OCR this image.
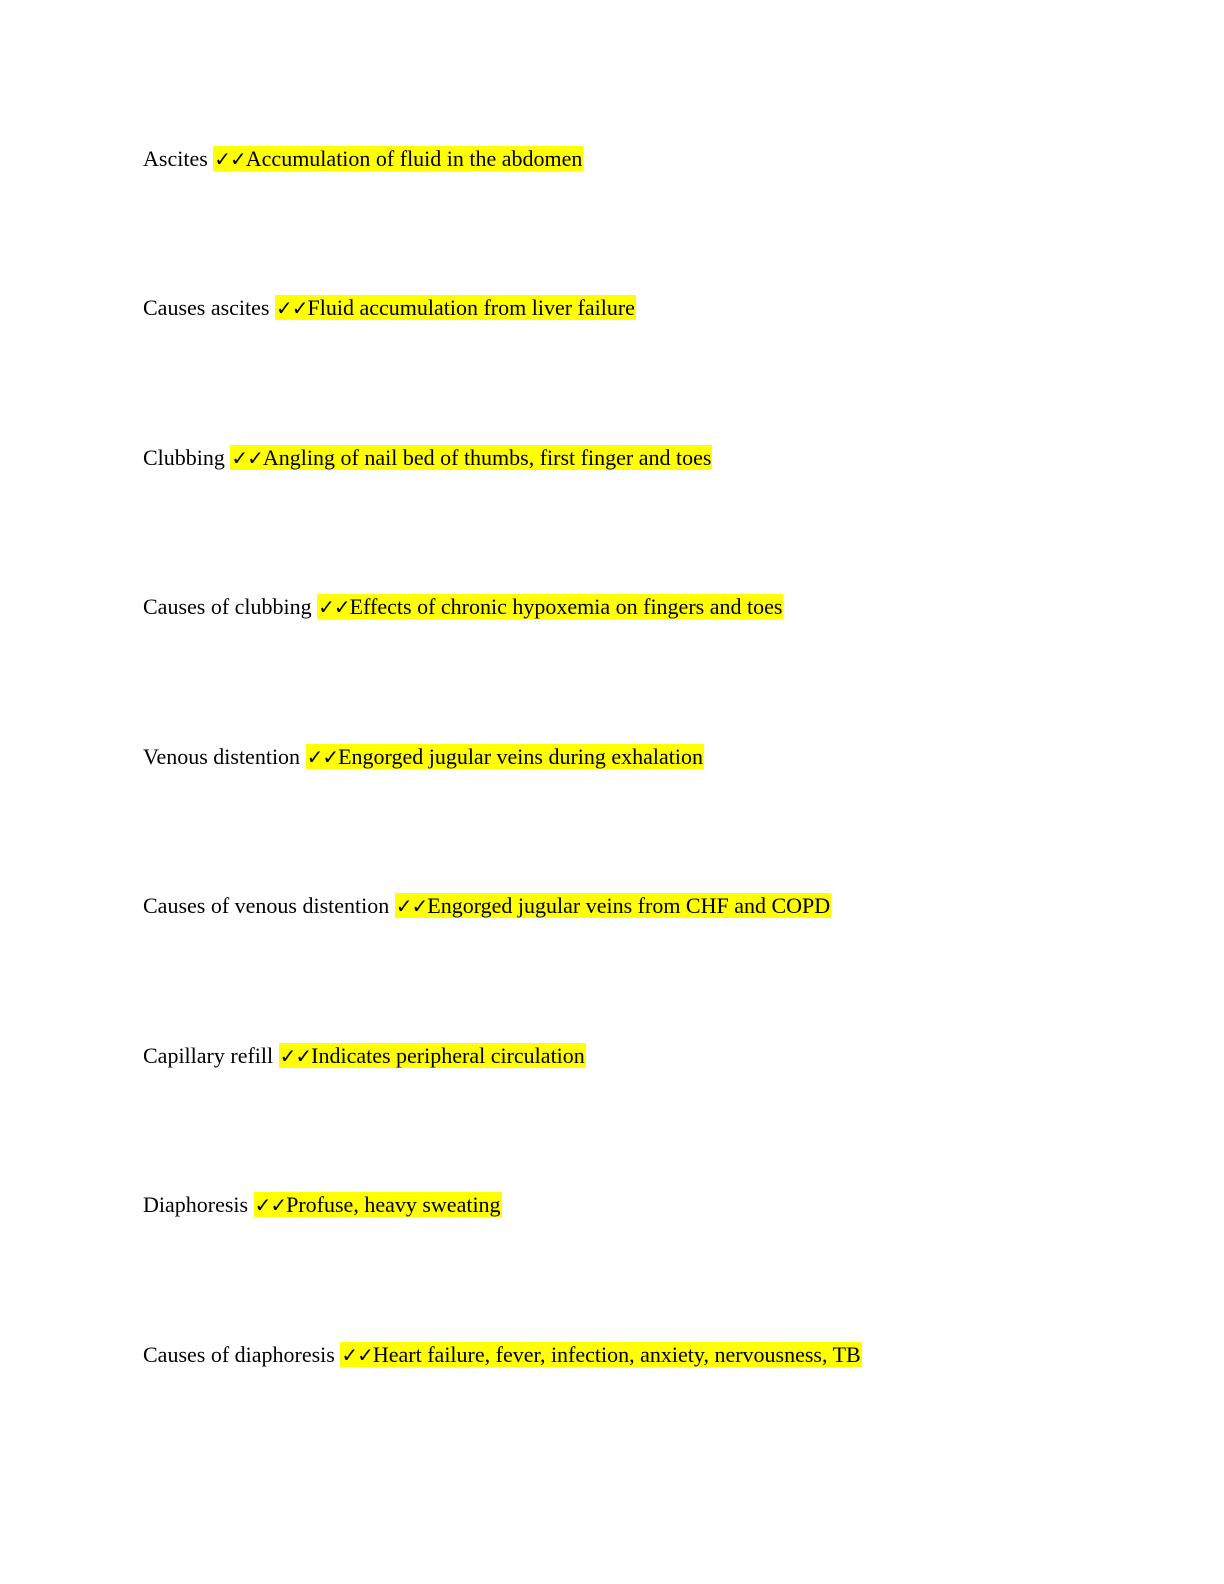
Ascites ✓✓Accumulation of fluid in the abdomen
Causes ascites ✓✓Fluid accumulation from liver failure
Clubbing ✓✓Angling of nail bed of thumbs, first finger and toes
Causes of clubbing ✓✓Effects of chronic hypoxemia on fingers and toes
Venous distention ✓✓Engorged jugular veins during exhalation
Causes of venous distention ✓✓Engorged jugular veins from CHF and COPD
Capillary refill ✓✓Indicates peripheral circulation
Diaphoresis ✓✓Profuse, heavy sweating
Causes of diaphoresis ✓✓Heart failure, fever, infection, anxiety, nervousness, TB
